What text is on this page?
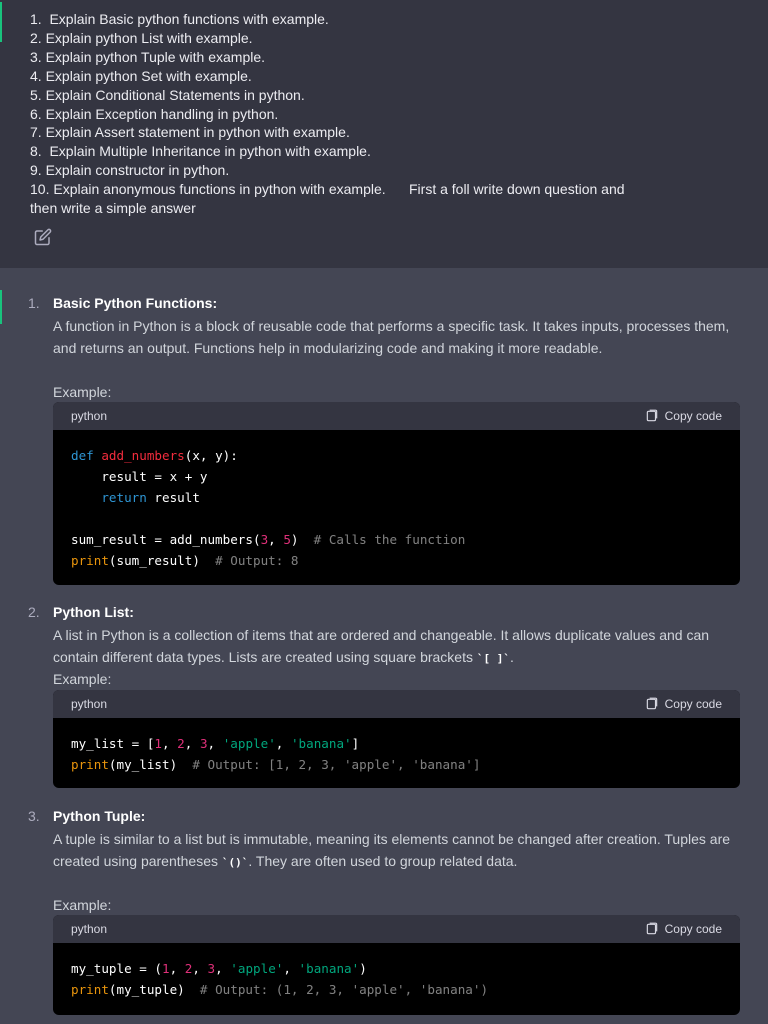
1.  Explain Basic python functions with example.
2. Explain python List with example.
3. Explain python Tuple with example.
4. Explain python Set with example.
5. Explain Conditional Statements in python.
6. Explain Exception handling in python.
7. Explain Assert statement in python with example.
8.  Explain Multiple Inheritance in python with example.
9. Explain constructor in python.
10. Explain anonymous functions in python with example.      First a foll write down question and
then write a simple answer
1. Basic Python Functions:
A function in Python is a block of reusable code that performs a specific task. It takes inputs, processes them, and returns an output. Functions help in modularizing code and making it more readable.
Example:
python	Copy code
def add_numbers(x, y):
result = x + y
return result

sum_result = add_numbers(3, 5)  # Calls the function
print(sum_result)  # Output: 8
2. Python List:
A list in Python is a collection of items that are ordered and changeable. It allows duplicate values and can contain different data types. Lists are created using square brackets `[ ]`.
Example:
python	Copy code
my_list = [1, 2, 3, 'apple', 'banana']
print(my_list)  # Output: [1, 2, 3, 'apple', 'banana']
3. Python Tuple:
A tuple is similar to a list but is immutable, meaning its elements cannot be changed after creation. Tuples are created using parentheses `()`. They are often used to group related data.
Example:
python	Copy code
my_tuple = (1, 2, 3, 'apple', 'banana')
print(my_tuple)  # Output: (1, 2, 3, 'apple', 'banana')
